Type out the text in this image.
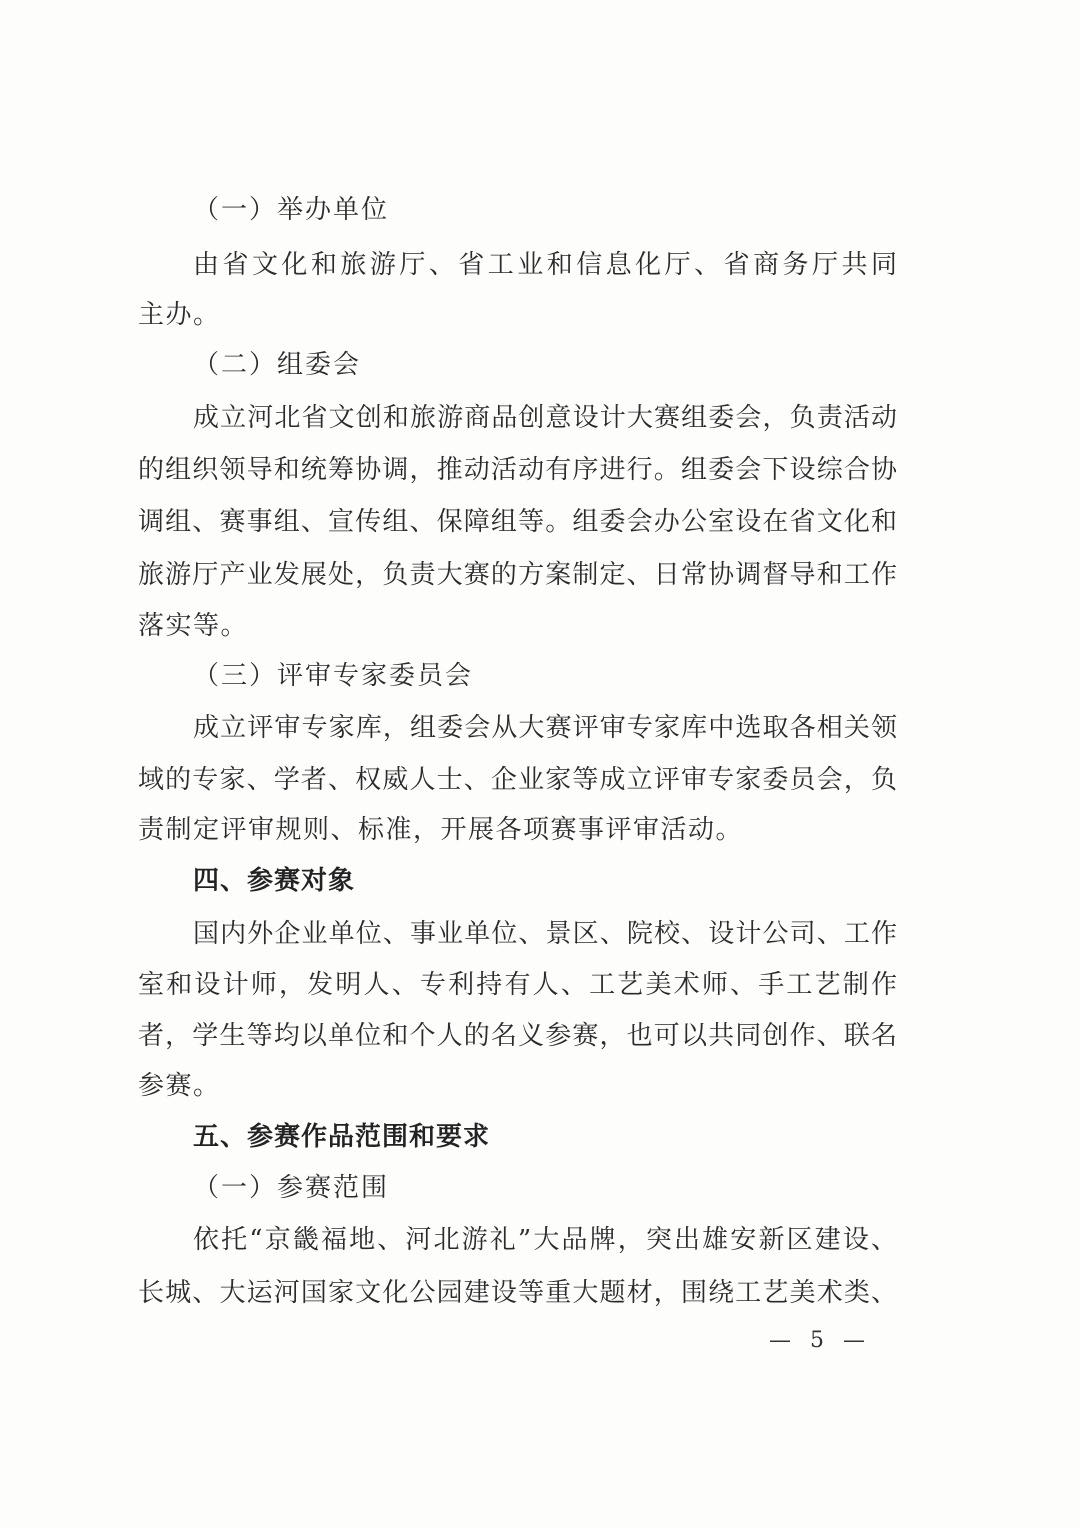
（一）举办单位
由省文化和旅游厅、省工业和信息化厅、省商务厅共同
主办。
（二）组委会
成立河北省文创和旅游商品创意设计大赛组委会，负责活动
的组织领导和统筹协调，推动活动有序进行。组委会下设综合协
调组、赛事组、宣传组、保障组等。组委会办公室设在省文化和
旅游厅产业发展处，负责大赛的方案制定、日常协调督导和工作
落实等。
（三）评审专家委员会
成立评审专家库，组委会从大赛评审专家库中选取各相关领
域的专家、学者、权威人士、企业家等成立评审专家委员会，负
责制定评审规则、标准，开展各项赛事评审活动。
四、参赛对象
国内外企业单位、事业单位、景区、院校、设计公司、工作
室和设计师，发明人、专利持有人、工艺美术师、手工艺制作
者，学生等均以单位和个人的名义参赛，也可以共同创作、联名
参赛。
五、参赛作品范围和要求
（一）参赛范围
依托“京畿福地、河北游礼”大品牌，突出雄安新区建设、
长城、大运河国家文化公园建设等重大题材，围绕工艺美术类、
— 5 —
